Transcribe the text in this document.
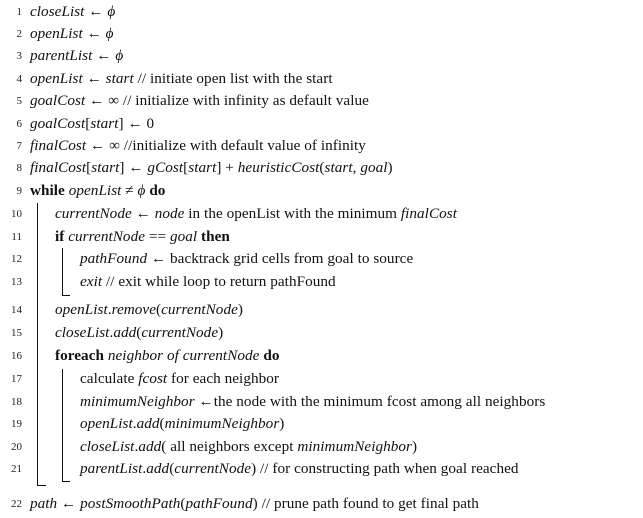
1 closeList ← ϕ
2 openList ← ϕ
3 parentList ← ϕ
4 openList ← start // initiate open list with the start
5 goalCost ← ∞ // initialize with infinity as default value
6 goalCost[start] ← 0
7 finalCost ← ∞ //initialize with default value of infinity
8 finalCost[start] ← gCost[start] + heuristicCost(start, goal)
9 while openList ≠ ϕ do
10 currentNode ← node in the openList with the minimum finalCost
11 if currentNode == goal then
12	pathFound ← backtrack grid cells from goal to source
13	exit // exit while loop to return pathFound
14 openList.remove(currentNode)
15 closeList.add(currentNode)
16 foreach neighbor of currentNode do
17	calculate fcost for each neighbor
18	minimumNeighbor ←the node with the minimum fcost among all neighbors
19	openList.add(minimumNeighbor)
20	closeList.add( all neighbors except minimumNeighbor)
21	parentList.add(currentNode) // for constructing path when goal reached
22 path ← postSmoothPath(pathFound) // prune path found to get final path
